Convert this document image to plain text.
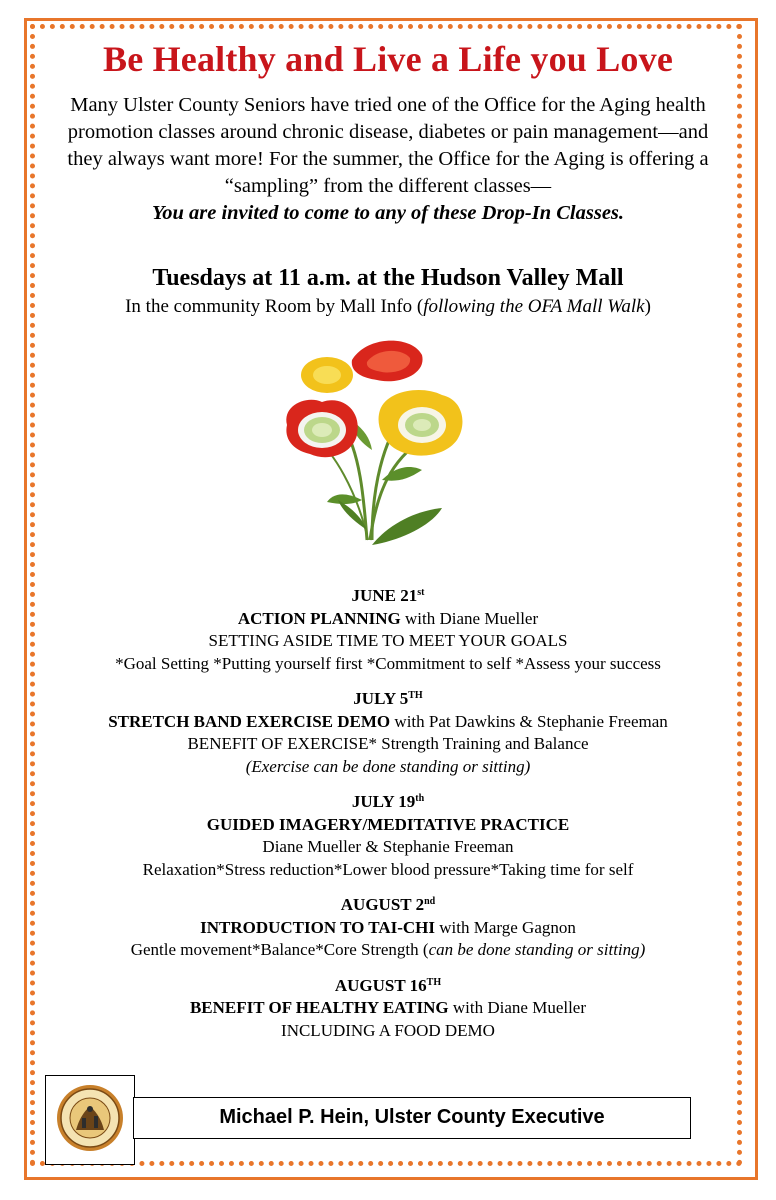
Be Healthy and Live a Life you Love
Many Ulster County Seniors have tried one of the Office for the Aging health promotion classes around chronic disease, diabetes or pain management—and they always want more! For the summer, the Office for the Aging is offering a “sampling” from the different classes—
You are invited to come to any of these Drop-In Classes.
Tuesdays at 11 a.m. at the Hudson Valley Mall
In the community Room by Mall Info (following the OFA Mall Walk)
JUNE 21st
ACTION PLANNING with Diane Mueller
SETTING ASIDE TIME TO MEET YOUR GOALS
*Goal Setting *Putting yourself first *Commitment to self *Assess your success
JULY 5TH
STRETCH BAND EXERCISE DEMO with Pat Dawkins & Stephanie Freeman
BENEFIT OF EXERCISE* Strength Training and Balance
(Exercise can be done standing or sitting)
JULY 19th
GUIDED IMAGERY/MEDITATIVE PRACTICE
Diane Mueller & Stephanie Freeman
Relaxation*Stress reduction*Lower blood pressure*Taking time for self
AUGUST 2nd
INTRODUCTION TO TAI-CHI with Marge Gagnon
Gentle movement*Balance*Core Strength (can be done standing or sitting)
AUGUST 16TH
BENEFIT OF HEALTHY EATING with Diane Mueller
INCLUDING A FOOD DEMO
Michael P. Hein, Ulster County Executive
